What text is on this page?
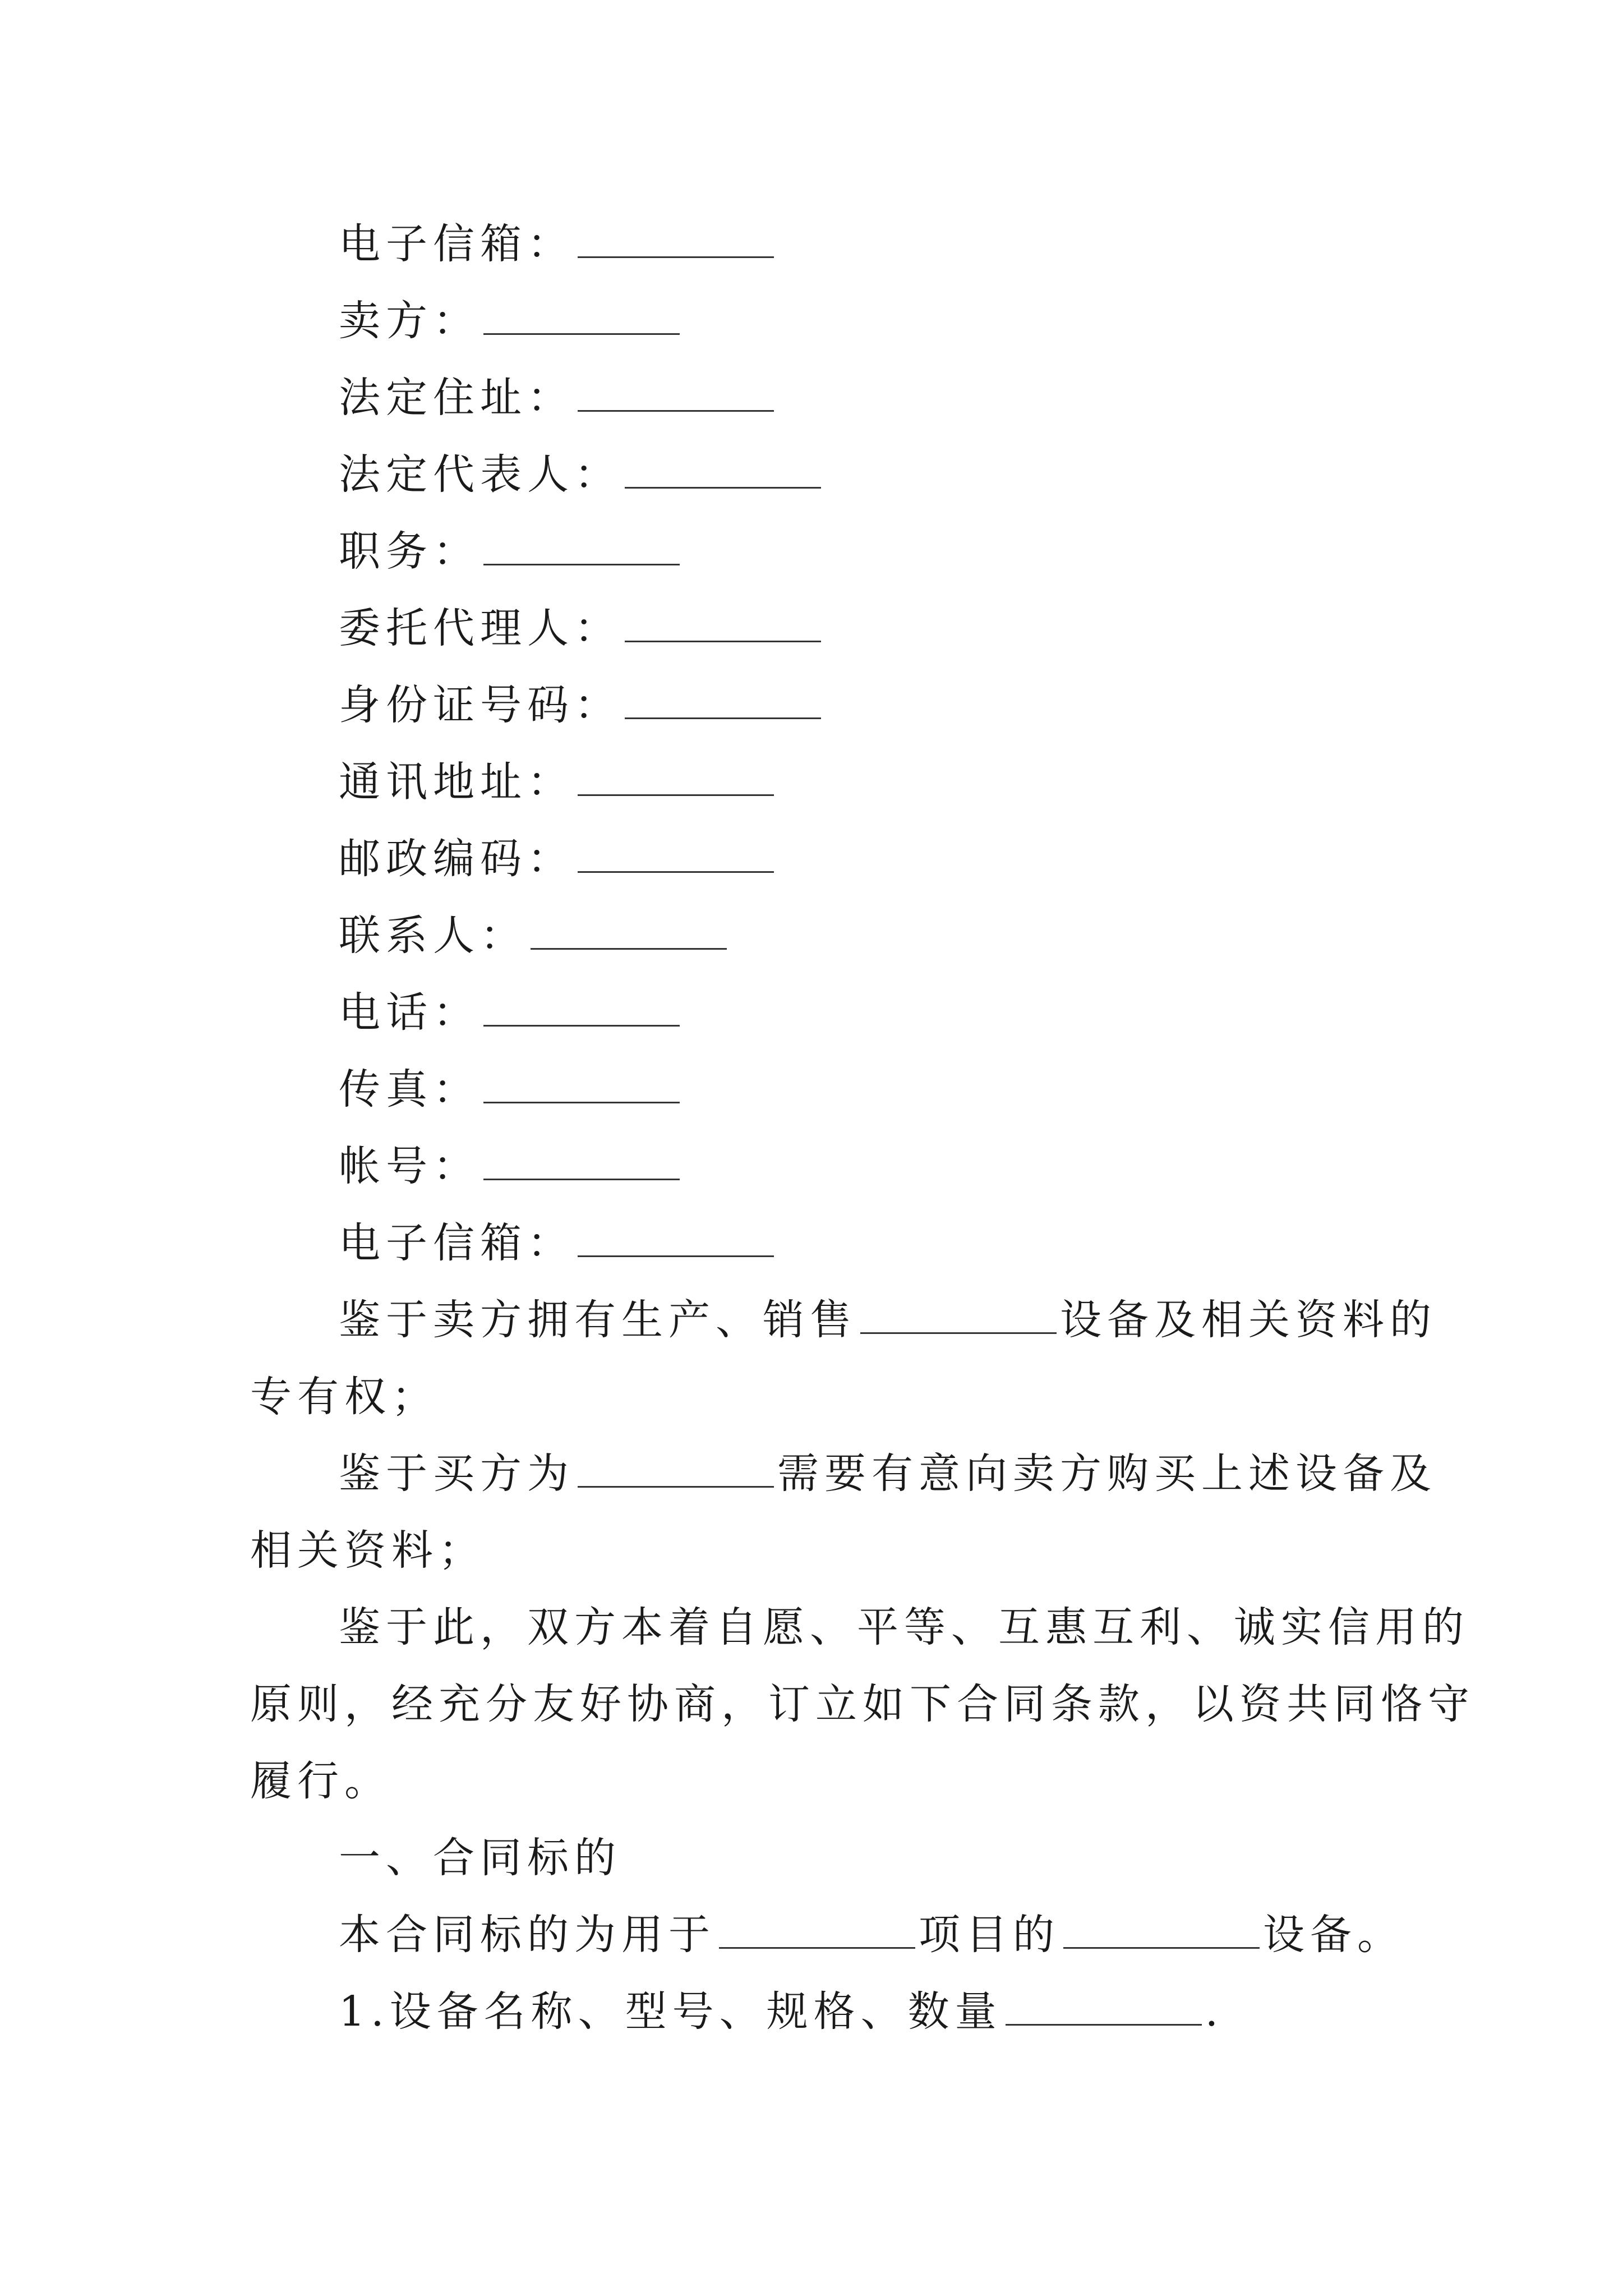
电子信箱：
卖方：
法定住址：
法定代表人：
职务：
委托代理人：
身份证号码：
通讯地址：
邮政编码：
联系人：
电话：
传真：
帐号：
电子信箱：
鉴于卖方拥有生产、销售	设备及相关资料的
专有权；
鉴于买方为	需要有意向卖方购买上述设备及
相关资料；
鉴于此，双方本着自愿、平等、互惠互利、诚实信用的
原则，经充分友好协商，订立如下合同条款，以资共同恪守
履行。
一、合同标的
本合同标的为用于	项目的	设备。
1.设备名称、型号、规格、数量	.
